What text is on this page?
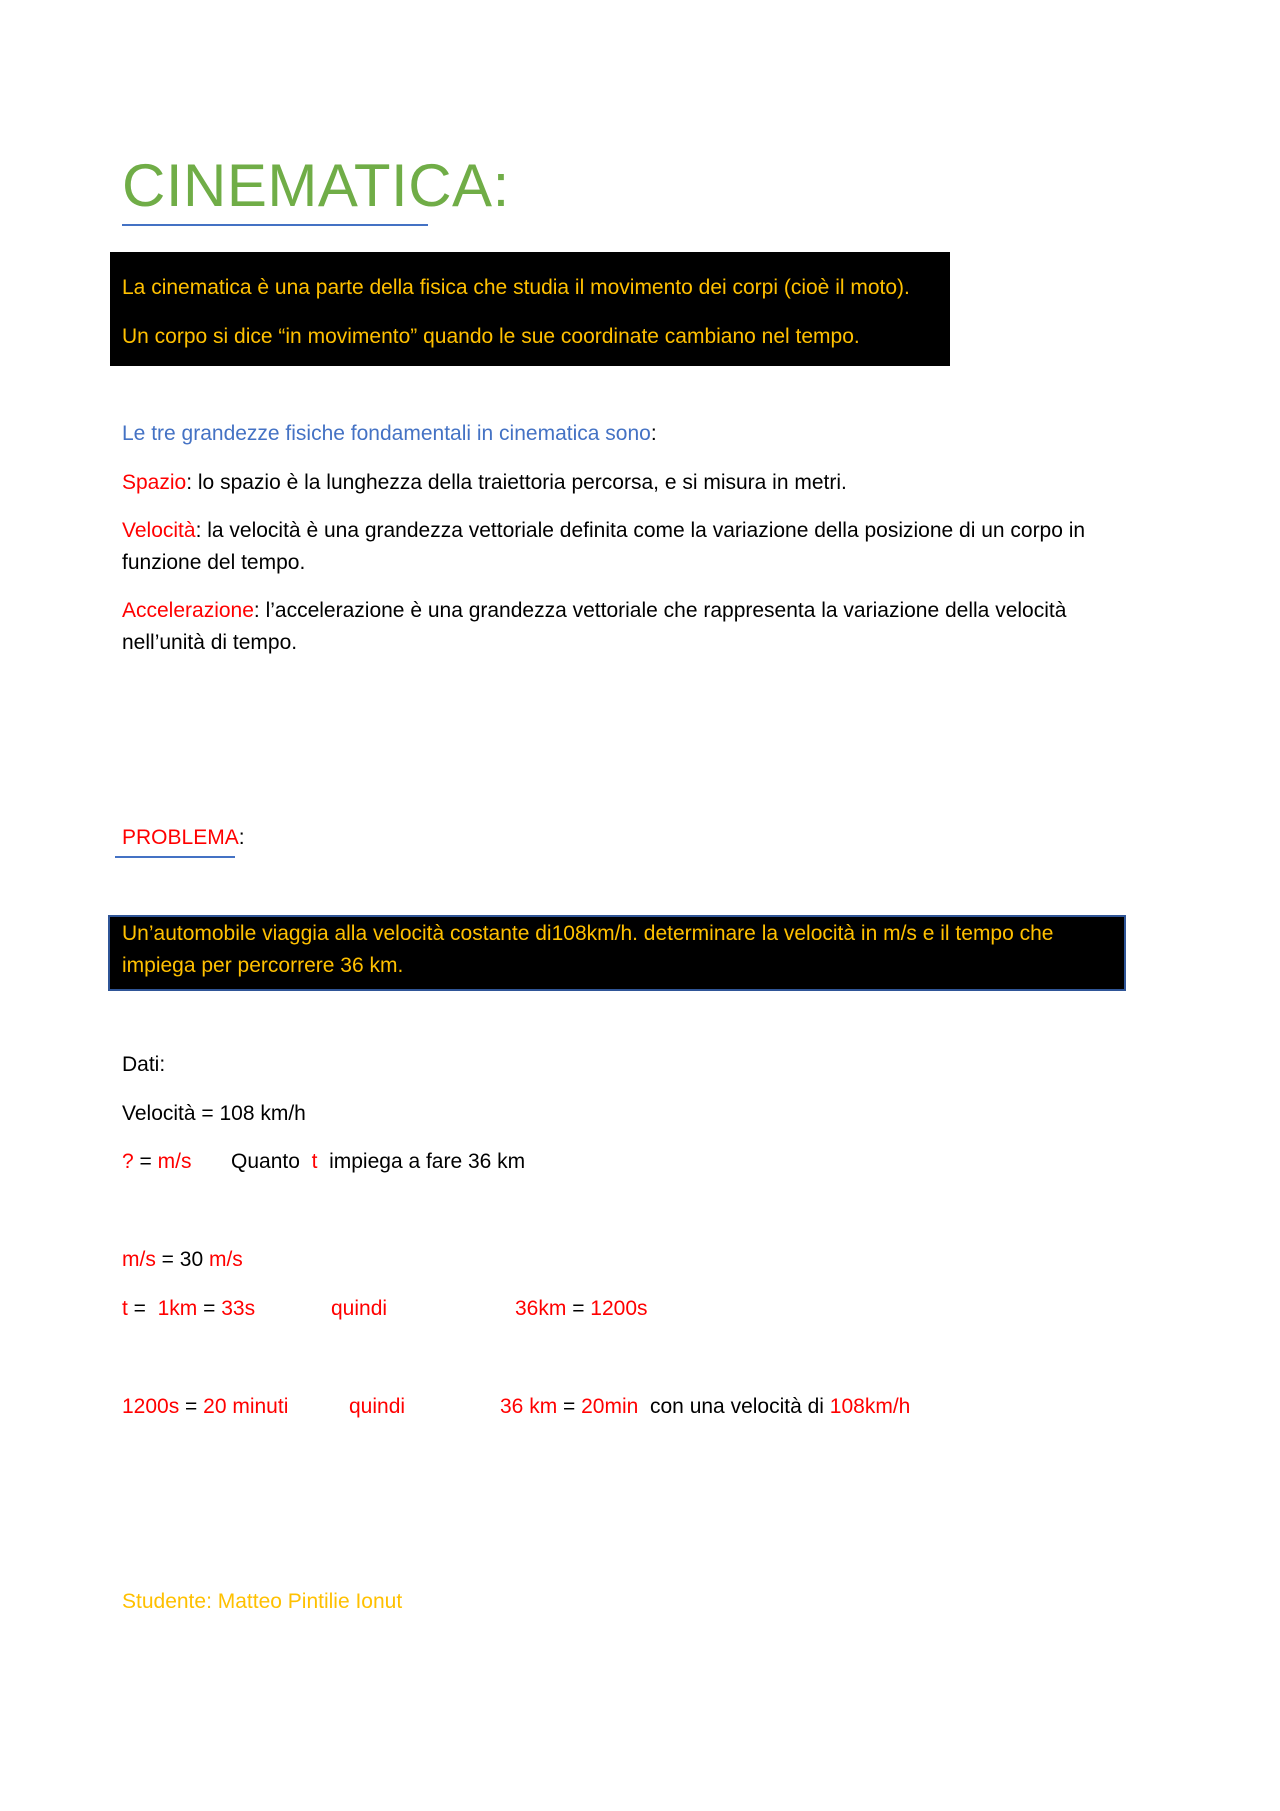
CINEMATICA:
La cinematica è una parte della fisica che studia il movimento dei corpi (cioè il moto).
Un corpo si dice “in movimento” quando le sue coordinate cambiano nel tempo.
Le tre grandezze fisiche fondamentali in cinematica sono:
Spazio: lo spazio è la lunghezza della traiettoria percorsa, e si misura in metri.
Velocità: la velocità è una grandezza vettoriale definita come la variazione della posizione di un corpo in funzione del tempo.
Accelerazione: l’accelerazione è una grandezza vettoriale che rappresenta la variazione della velocità nell’unità di tempo.
PROBLEMA:
Un’automobile viaggia alla velocità costante di108km/h. determinare la velocità in m/s e il tempo che impiega per percorrere 36 km.
Dati:
Velocità = 108 km/h
? = m/s Quanto t impiega a fare 36 km
m/s = 30 m/s
t =  1km = 33s	quindi	36km = 1200s
1200s = 20 minuti	quindi	36 km = 20min con una velocità di 108km/h
Studente: Matteo Pintilie Ionut
